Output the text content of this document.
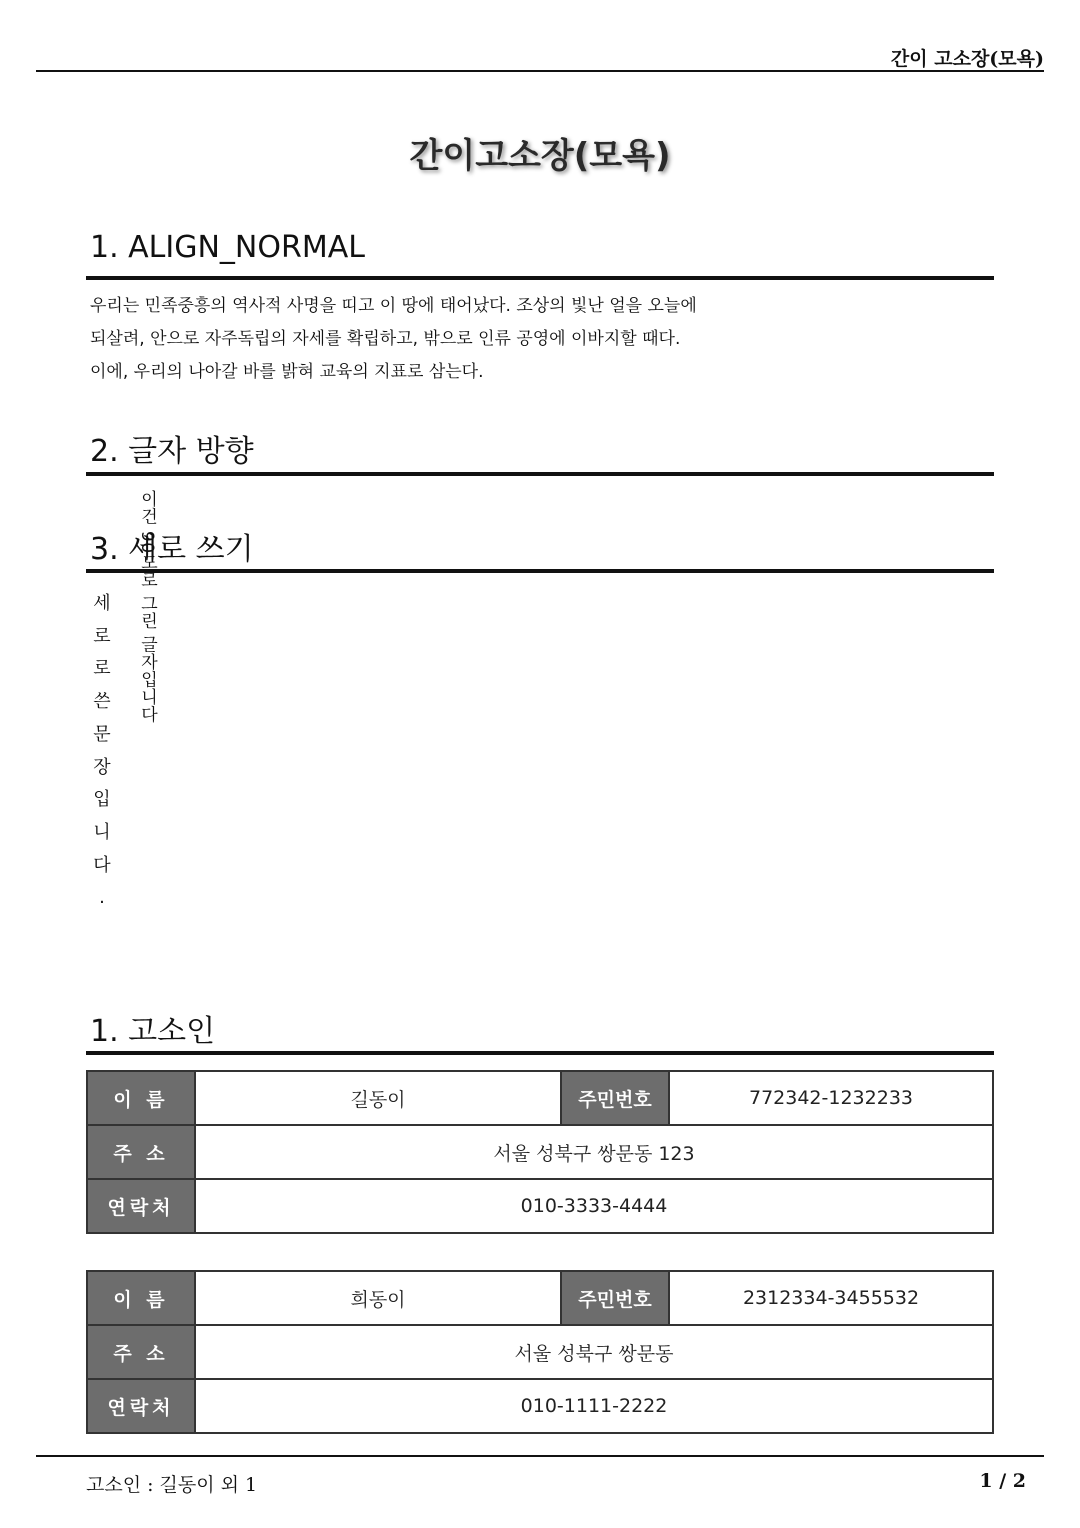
간이 고소장(모욕)
간이고소장(모욕)
1. ALIGN_NORMAL
우리는 민족중흥의 역사적 사명을 띠고 이 땅에 태어났다. 조상의 빛난 얼을 오늘에
되살려, 안으로 자주독립의 자세를 확립하고, 밖으로 인류 공영에 이바지할 때다.
이에, 우리의 나아갈 바를 밝혀 교육의 지표로 삼는다.
2. 글자 방향
3. 세로 쓰기
이건 90도로 그린 글자입니다
세
로
로
쓴
문
장
입
니
다
.
1. 고소인
이 름	길동이	주민번호	772342-1232233
주 소	서울 성북구 쌍문동 123		
연락처	010-3333-4444		
이 름	희동이	주민번호	2312334-3455532
주 소	서울 성북구 쌍문동		
연락처	010-1111-2222		
고소인 : 길동이 외 1	1 / 2
